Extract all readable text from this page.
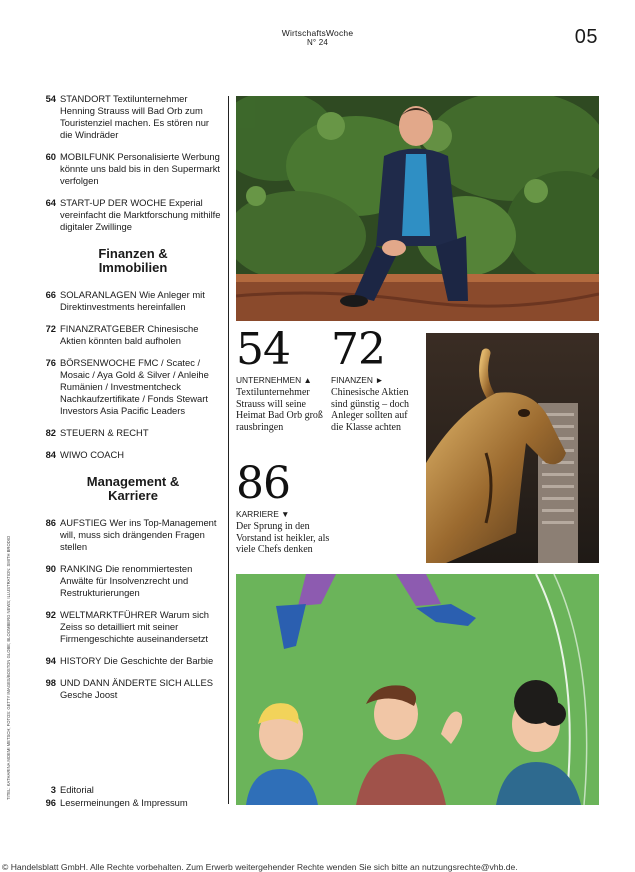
WirtschaftsWoche
N° 24	05
54 STANDORT Textilunternehmer Henning Strauss will Bad Orb zum Touristenziel machen. Es stören nur die Windräder
60 MOBILFUNK Personalisierte Werbung könnte uns bald bis in den Supermarkt verfolgen
64 START-UP DER WOCHE Experial vereinfacht die Marktforschung mithilfe digitaler Zwillinge
Finanzen & Immobilien
66 SOLARANLAGEN Wie Anleger mit Direktinvestments hereinfallen
72 FINANZRATGEBER Chinesische Aktien könnten bald aufholen
76 BÖRSENWOCHE FMC / Scatec / Mosaic / Aya Gold & Silver / Anleihe Rumänien / Investmentcheck Nachkaufzertifikate / Fonds Stewart Investors Asia Pacific Leaders
82 STEUERN & RECHT
84 WIWO COACH
Management & Karriere
86 AUFSTIEG Wer ins Top-Management will, muss sich drängenden Fragen stellen
90 RANKING Die renommiertesten Anwälte für Insolvenzrecht und Restrukturierungen
92 WELTMARKTFÜHRER Warum sich Zeiss so detailliert mit seiner Firmengeschichte auseinandersetzt
94 HISTORY Die Geschichte der Barbie
98 UND DANN ÄNDERTE SICH ALLES
Gesche Joost
3 Editorial
96 Lesermeinungen & Impressum
TITEL: KATHARINA MOEMI METSCH; FOTOS: GETTY IMAGES/BOSTON GLOBE; BLOOMBERG NEWS; ILLUSTRATION: SMITH BRODIO
54
UNTERNEHMEN ▲
Textilunternehmer Strauss will seine Heimat Bad Orb groß rausbringen
72
FINANZEN ►
Chinesische Aktien sind günstig – doch Anleger sollten auf die Klasse achten
86
KARRIERE ▼
Der Sprung in den Vorstand ist heikler, als viele Chefs denken
© Handelsblatt GmbH. Alle Rechte vorbehalten. Zum Erwerb weitergehender Rechte wenden Sie sich bitte an nutzungsrechte@vhb.de.
